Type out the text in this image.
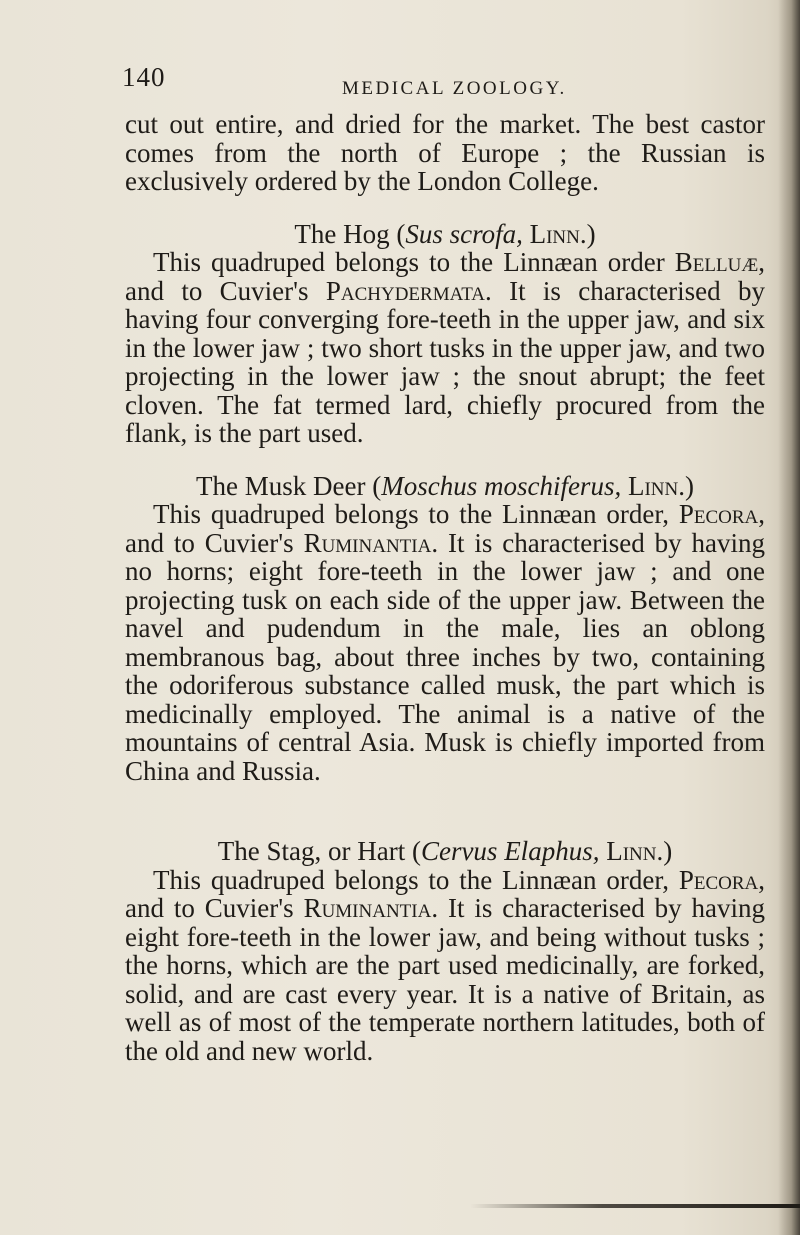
140	MEDICAL ZOOLOGY.

cut out entire, and dried for the market. The best castor comes from the north of Europe ; the Russian is exclusively ordered by the London College.

The Hog (Sus scrofa, Linn.)

This quadruped belongs to the Linnæan order Belluæ, and to Cuvier's Pachydermata. It is characterised by having four converging fore-teeth in the upper jaw, and six in the lower jaw ; two short tusks in the upper jaw, and two projecting in the lower jaw ; the snout abrupt; the feet cloven. The fat termed lard, chiefly procured from the flank, is the part used.

The Musk Deer (Moschus moschiferus, Linn.)

This quadruped belongs to the Linnæan order, Pecora, and to Cuvier's Ruminantia. It is characterised by having no horns; eight fore-teeth in the lower jaw ; and one projecting tusk on each side of the upper jaw. Between the navel and pudendum in the male, lies an oblong membranous bag, about three inches by two, containing the odoriferous substance called musk, the part which is medicinally employed. The animal is a native of the mountains of central Asia. Musk is chiefly imported from China and Russia.

The Stag, or Hart (Cervus Elaphus, Linn.)

This quadruped belongs to the Linnæan order, Pecora, and to Cuvier's Ruminantia. It is characterised by having eight fore-teeth in the lower jaw, and being without tusks ; the horns, which are the part used medicinally, are forked, solid, and are cast every year. It is a native of Britain, as well as of most of the temperate northern latitudes, both of the old and new world.
